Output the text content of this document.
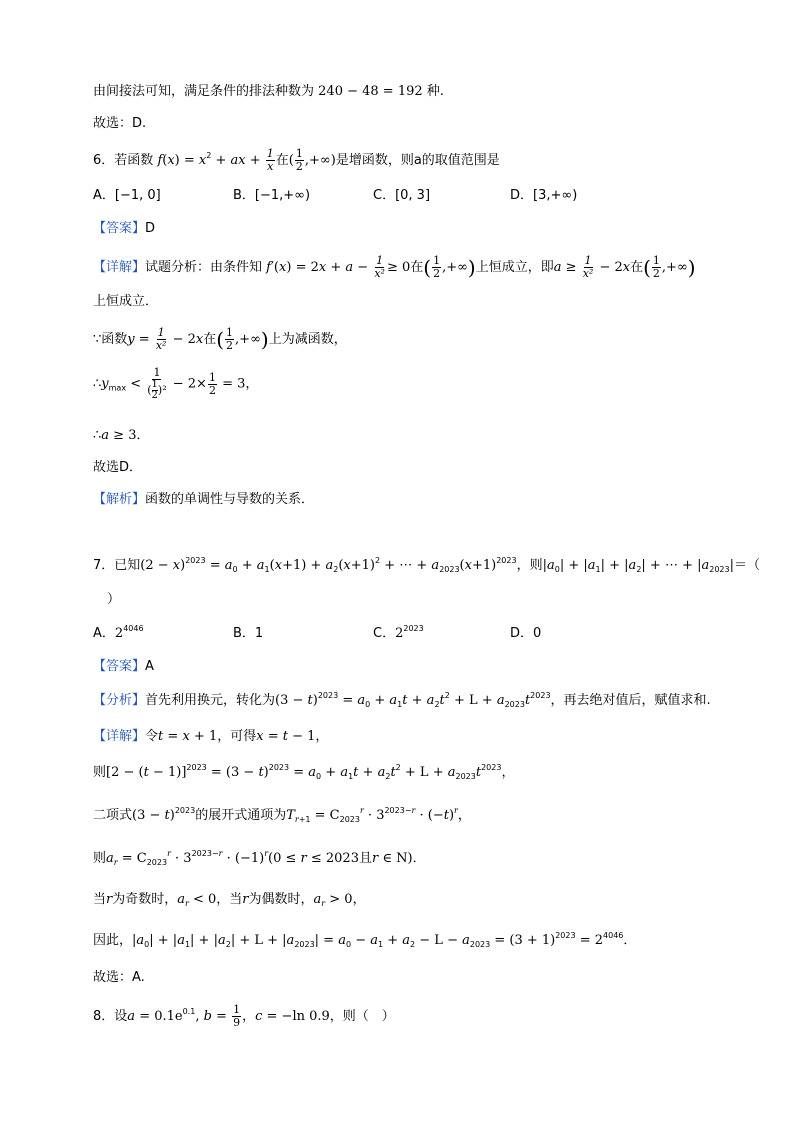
由间接法可知，满足条件的排法种数为 240 − 48 = 192 种.
故选：D.
6．若函数 $f(x) = x^2$ + ax + $\frac{1}{x}$ 在( $\frac{1}{2}$ ,+∞)是增函数，则a的取值范围是
A．[−1, 0]	B．[−1,+∞)	C．[0, 3]	D．[3,+∞)
【答案】D
【详解】试题分析：由条件知 $f'(x) = 2x + a - \frac{1}{\text{x²}} \ge 0$在( $\frac{1}{2}$ ,+∞)上恒成立，即$a \ge \frac{1}{\text{x²}} - 2x$在( $\frac{1}{2}$ ,+∞)
上恒成立．
∵函数$y = \frac{1}{\text{x²}} - 2x$在( $\frac{1}{2}$ ,+∞)上为减函数，
$\therefore y_{max} < \frac{1}{( \frac{1}{2} )^2} - 2\times \frac{1}{2} = 3$，
∴a ≥ 3．
故选D．
【解析】函数的单调性与导数的关系．
7．已知$(2 - x)^{2023} = a_0 + a_1(x+1) + a_2(x+1)^2$ + ⋯ + $a_{2023}(x+1)^{2023}$，则$|a_0| + |a_1| + |a_2|$ + ⋯ + $|a_{2023}|=$（
）
A．$2^{4046}$	B．1	C．$2^{2023}$	D．0
【答案】A
【分析】首先利用换元，转化为$(3 - t)^{2023} = a_0 + a_1t + a_2t^2 + L + a_{2023}t^{2023}$，再去绝对值后，赋值求和.
【详解】令t = x + 1，可得x = t − 1，
则$[2 - (t - 1)]^{2023} = (3 - t)^{2023} = a_0 + a_1t + a_2t^2 + L + a_{2023}t^{2023}$，
二项式$(3 - t)^{2023}$的展开式通项为$T_{r+1} = C_{2023}^r \cdot 3^{2023-r} \cdot (-t)^r$，
则$a_r = C_{2023}^r \cdot 3^{2023-r} \cdot (-1)^r(0 \le r \le 2023$且r ∈ N)．
当r为奇数时，$a_r < 0$，当r为偶数时，$a_r > 0$，
因此，$|a_0| + |a_1| + |a_2| + L + |a_{2023}| = a_0 - a_1 + a_2 - L - a_{2023} = (3 + 1)^{2023} = 2^{4046}$．
故选：A.
8．设$a = 0.1e^{0.1}$, $b = \frac{1}{9}$ ，c = −ln 0.9，则（　）
